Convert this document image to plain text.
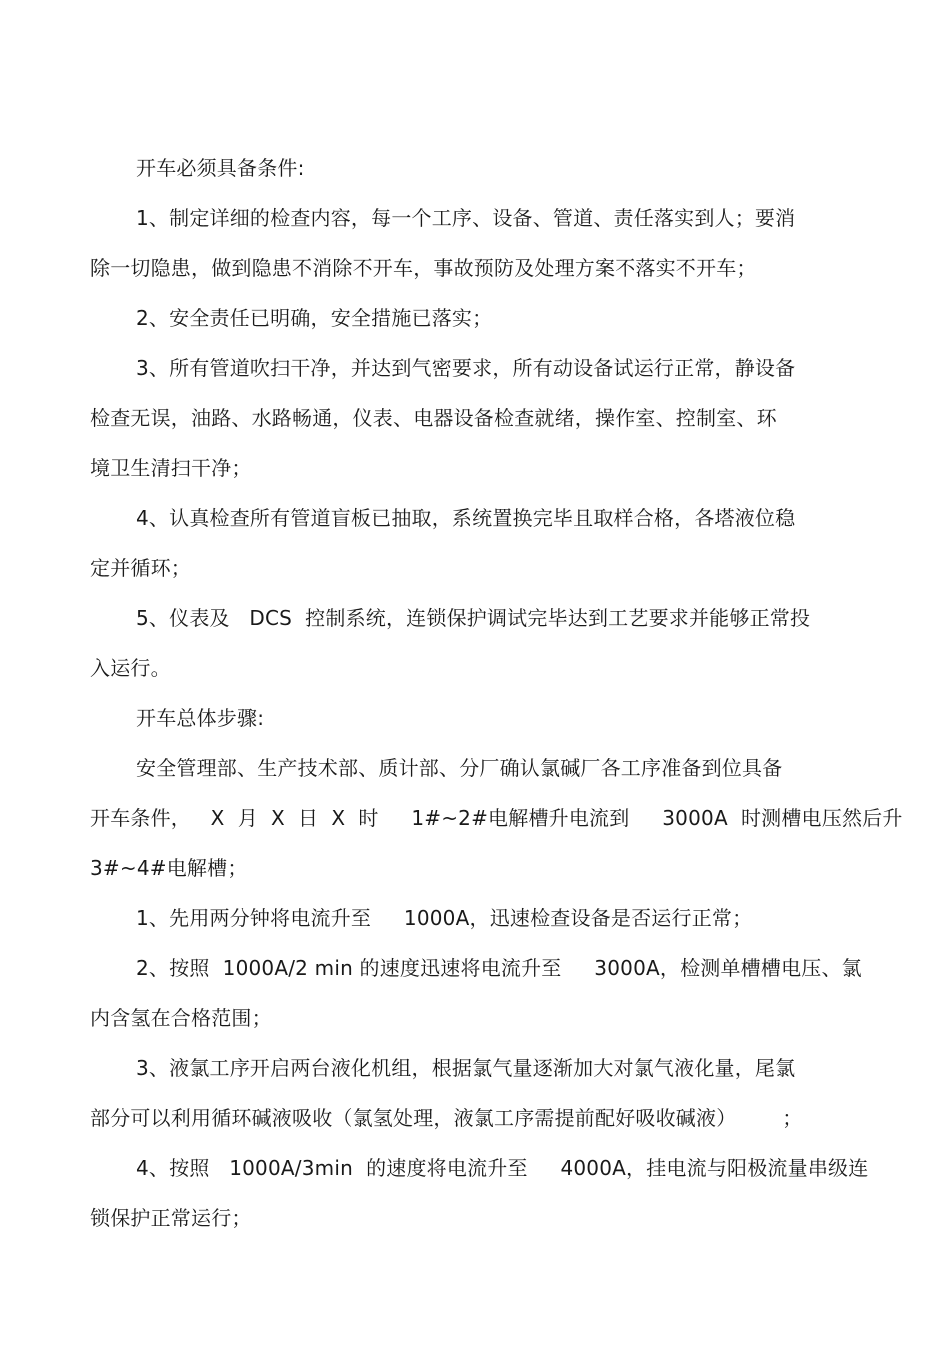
开车必须具备条件:
1、制定详细的检查内容，每一个工序、设备、管道、责任落实到人；要消
除一切隐患，做到隐患不消除不开车，事故预防及处理方案不落实不开车；
2、安全责任已明确，安全措施已落实；
3、所有管道吹扫干净，并达到气密要求，所有动设备试运行正常，静设备
检查无误，油路、水路畅通，仪表、电器设备检查就绪，操作室、控制室、环
境卫生清扫干净；
4、认真检查所有管道盲板已抽取，系统置换完毕且取样合格，各塔液位稳
定并循环；
5、仪表及   DCS  控制系统，连锁保护调试完毕达到工艺要求并能够正常投
入运行。
开车总体步骤:
安全管理部、生产技术部、质计部、分厂确认氯碱厂各工序准备到位具备
开车条件，   X  月  X  日  X  时     1#~2#电解槽升电流到     3000A  时测槽电压然后升
3#~4#电解槽；
1、先用两分钟将电流升至     1000A，迅速检查设备是否运行正常；
2、按照  1000A/2 min 的速度迅速将电流升至     3000A，检测单槽槽电压、氯
内含氢在合格范围；
3、液氯工序开启两台液化机组，根据氯气量逐渐加大对氯气液化量，尾氯
部分可以利用循环碱液吸收（氯氢处理，液氯工序需提前配好吸收碱液）       ；
4、按照   1000A/3min  的速度将电流升至     4000A，挂电流与阳极流量串级连
锁保护正常运行；
